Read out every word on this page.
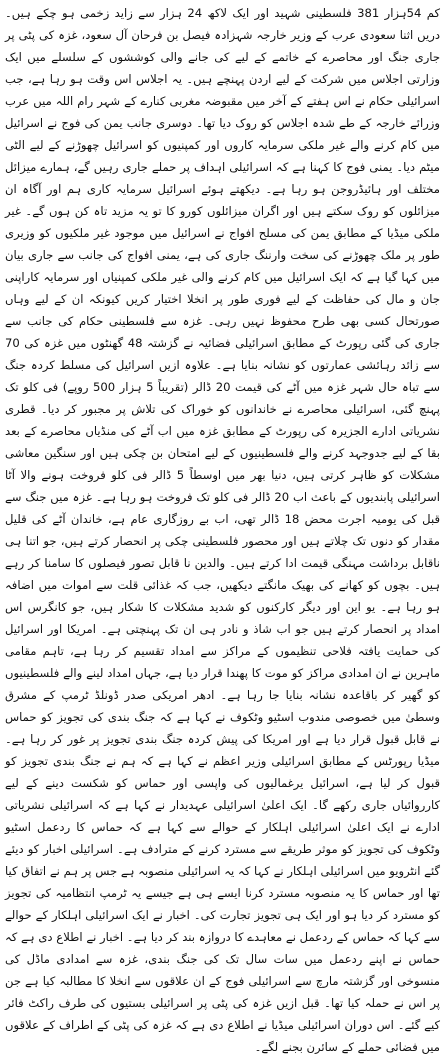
کم 54ہزار 381 فلسطینی شہید اور ایک لاکھ 24 ہزار سے زاید زخمی ہو چکے ہیں۔ دریں اثنا سعودی عرب کے وزیر خارجہ شہزادہ فیصل بن فرحان آل سعود، غزہ کی پٹی پر جاری جنگ اور محاصرے کے خاتمے کے لیے کی جانے والی کوششوں کے سلسلے میں ایک وزارتی اجلاس میں شرکت کے لیے اردن پہنچے ہیں۔ یہ اجلاس اس وقت ہو رہا ہے، جب اسرائیلی حکام نے اس ہفتے کے آخر میں مقبوضہ مغربی کنارے کے شہر رام اللہ میں عرب وزرائے خارجہ کے طے شدہ اجلاس کو روک دیا تھا۔ دوسری جانب یمن کی فوج نے اسرائیل میں کام کرنے والے غیر ملکی سرمایہ کاروں اور کمپنیوں کو اسرائیل چھوڑنے کے لیے الٹی میٹم دیا۔ یمنی فوج کا کہنا ہے کہ اسرائیلی اہداف پر حملے جاری رہیں گے، ہمارے میزائل مختلف اور ہائیڈروجن ہو رہا ہے۔ دیکھتے ہوئے اسرائیل سرمایہ کاری ہم اور آگاہ ان میزائلوں کو روک سکتے ہیں اور اگران میزائلوں کورو کا تو یہ مزید تاہ کن ہوں گے۔ غیر ملکی میڈیا کے مطابق یمن کی مسلح افواج نے اسرائیل میں موجود غیر ملکیوں کو وزیری طور پر ملک چھوڑنے کی سخت وارننگ جاری کی ہے، یمنی افواج کی جانب سے جاری بیان میں کہا گیا ہے کہ ایک اسرائیل میں کام کرنے والی غیر ملکی کمپنیاں اور سرمایہ کاراپنی جان و مال کی حفاظت کے لیے فوری طور پر انخلا اختیار کریں کیونکہ ان کے لیے وہاں صورتحال کسی بھی طرح محفوظ نہیں رہی۔ غزہ سے فلسطینی حکام کی جانب سے جاری کی گئی رپورٹ کے مطابق اسرائیلی فضائیہ نے گزشتہ 48 گھنٹوں میں غزہ کی 70 سے زائد رہائشی عمارتوں کو نشانہ بنایا ہے۔ علاوہ ازیں اسرائیل کی مسلط کردہ جنگ سے تباہ حال شہر غزہ میں آٹے کی قیمت 20 ڈالر (تقریباً 5 ہزار 500 روپے) فی کلو تک پہنچ گئی، اسرائیلی محاصرے نے خاندانوں کو خوراک کی تلاش پر مجبور کر دیا۔ قطری نشریاتی ادارے الجزیرہ کی رپورٹ کے مطابق غزہ میں اب آٹے کی منڈیاں محاصرے کے بعد بقا کے لیے جدوجہد کرنے والے فلسطینیوں کے لیے امتحان بن چکی ہیں اور سنگین معاشی مشکلات کو ظاہر کرتی ہیں، دنیا بھر میں اوسطاً 5 ڈالر فی کلو فروخت ہونے والا آٹا اسرائیلی پابندیوں کے باعث اب 20 ڈالر فی کلو تک فروخت ہو رہا ہے۔ غزہ میں جنگ سے قبل کی یومیہ اجرت محض 18 ڈالر تھی، اب بے روزگاری عام ہے، خاندان آٹے کی قلیل مقدار کو دنوں تک چلاتے ہیں اور محصور فلسطینی چکی پر انحصار کرتے ہیں، جو اتنا ہی ناقابل برداشت مہنگی قیمت ادا کرتے ہیں۔ والدین نا قابل تصور فیصلوں کا سامنا کر رہے ہیں۔ بچوں کو کھانے کی بھیک مانگتے دیکھیں، جب کہ غذائی قلت سے اموات میں اضافہ ہو رہا ہے۔ یو این اور دیگر کارکنوں کو شدید مشکلات کا شکار ہیں، جو کانگرس اس امداد پر انحصار کرتے ہیں جو اب شاذ و نادر ہی ان تک پہنچتی ہے۔ امریکا اور اسرائیل کی حمایت یافتہ فلاحی تنظیموں کے مراکز سے امداد تقسیم کر رہا ہے، تاہم مقامی ماہرین نے ان امدادی مراکز کو موت کا پھندا قرار دیا ہے، جہاں امداد لینے والے فلسطینیوں کو گھیر کر باقاعدہ نشانہ بنایا جا رہا ہے۔ ادھر امریکی صدر ڈونلڈ ٹرمپ کے مشرق وسطیٰ میں خصوصی مندوب اسٹیو وٹکوف نے کہا ہے کہ جنگ بندی کی تجویز کو حماس نے قابل قبول قرار دیا ہے اور امریکا کی پیش کردہ جنگ بندی تجویز پر غور کر رہا ہے۔ میڈیا رپورٹس کے مطابق اسرائیلی وزیر اعظم نے کہا ہے کہ ہم نے جنگ بندی تجویز کو قبول کر لیا ہے، اسرائیل یرغمالیوں کی واپسی اور حماس کو شکست دینے کے لیے کارروائیاں جاری رکھے گا۔ ایک اعلیٰ اسرائیلی عہدیدار نے کہا ہے کہ اسرائیلی نشریاتی ادارے نے ایک اعلیٰ اسرائیلی اہلکار کے حوالے سے کہا ہے کہ حماس کا ردعمل اسٹیو وٹکوف کی تجویز کو موثر طریقے سے مسترد کرنے کے مترادف ہے۔ اسرائیلی اخبار کو دیئے گئے انٹرویو میں اسرائیلی اہلکار نے کہا کہ یہ اسرائیلی منصوبہ ہے جس پر ہم نے اتفاق کیا تھا اور حماس کا یہ منصوبہ مسترد کرنا ایسے ہی ہے جیسے یہ ٹرمپ انتظامیہ کی تجویز کو مسترد کر دیا ہو اور ایک ہی تجویز تجارت کی۔ اخبار نے ایک اسرائیلی اہلکار کے حوالے سے کہا کہ حماس کے ردعمل نے معاہدے کا دروازہ بند کر دیا ہے۔ اخبار نے اطلاع دی ہے کہ حماس نے اپنے ردعمل میں سات سال تک کی جنگ بندی، غزہ سے امدادی ماڈل کی منسوخی اور گزشتہ مارچ سے اسرائیلی فوج کے ان علاقوں سے انخلا کا مطالبہ کیا ہے جن پر اس نے حملہ کیا تھا۔ قبل ازیں غزہ کی پٹی پر اسرائیلی بستیوں کی طرف راکٹ فائر کیے گئے۔ اس دوران اسرائیلی میڈیا نے اطلاع دی ہے کہ غزہ کی پٹی کے اطراف کے علاقوں میں فضائی حملے کے سائرن بجنے لگے۔
